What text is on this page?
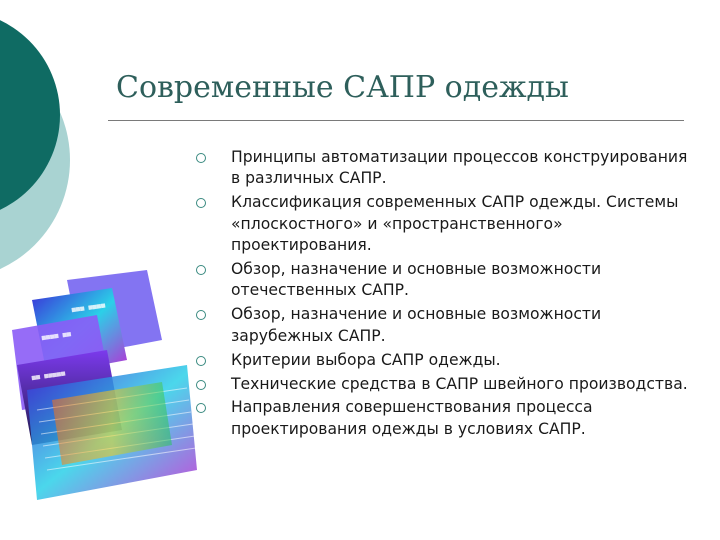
■■■ ■■■■
■■■■ ■■
■■ ■■■■■
Современные САПР одежды
Принципы автоматизации процессов конструирования в различных САПР.
Классификация современных САПР одежды. Системы «плоскостного» и «пространственного» проектирования.
Обзор, назначение и основные возможности отечественных САПР.
Обзор, назначение и основные возможности зарубежных САПР.
Критерии выбора САПР одежды.
Технические средства в САПР швейного производства.
Направления совершенствования процесса проектирования одежды в условиях САПР.
